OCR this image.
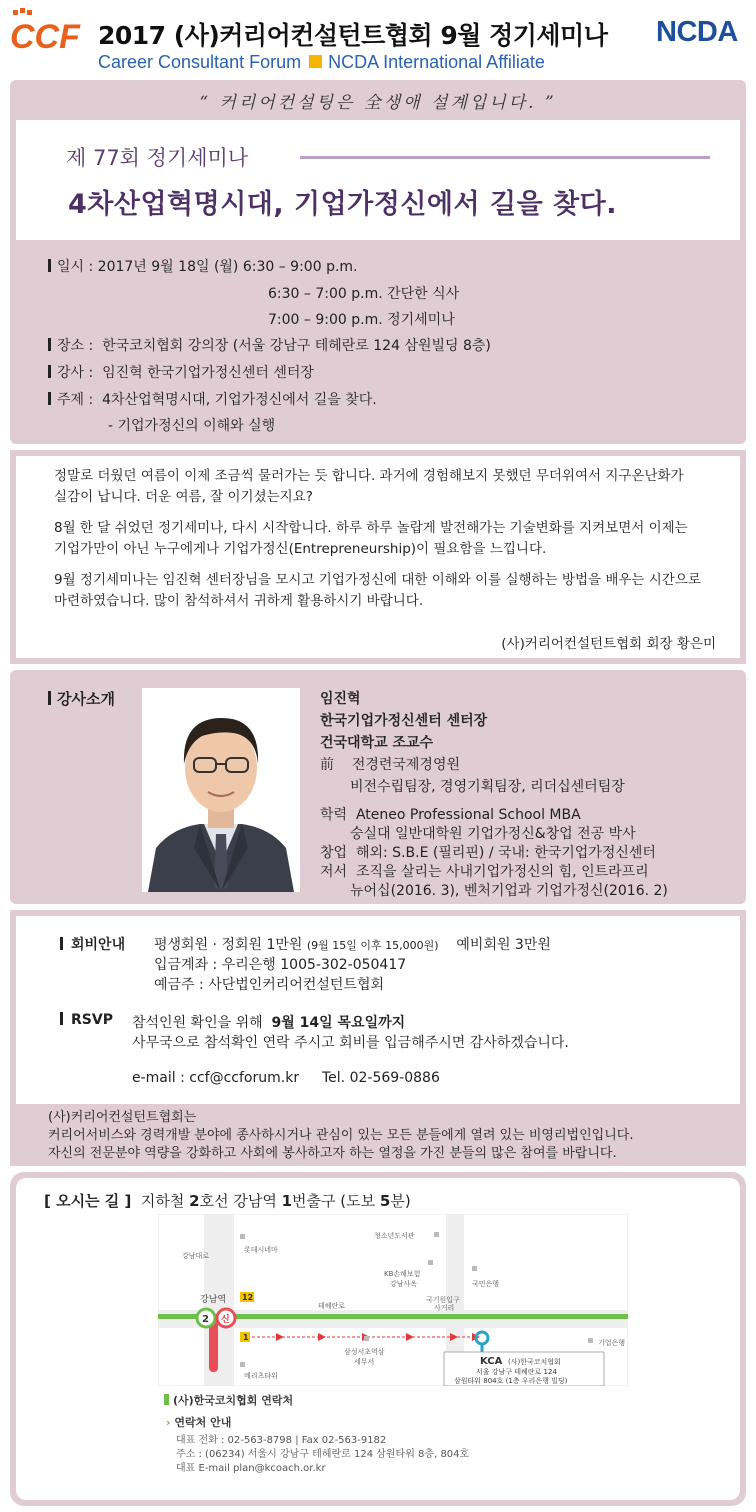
CCF 2017 (사)커리어컨설턴트협회 9월 정기세미나 NCDA
Career Consultant Forum NCDA International Affiliate
“ 커리어컨설팅은 全생애 설계입니다. ”
제 77회 정기세미나
4차산업혁명시대, 기업가정신에서 길을 찾다.
일시 : 2017년 9월 18일 (월) 6:30 – 9:00 p.m.
6:30 – 7:00 p.m. 간단한 식사
7:00 – 9:00 p.m. 정기세미나
장소 : 한국코치협회 강의장 (서울 강남구 테헤란로 124 삼원빌딩 8층)
강사 : 임진혁 한국기업가정신센터 센터장
주제 : 4차산업혁명시대, 기업가정신에서 길을 찾다.
- 기업가정신의 이해와 실행
정말로 더웠던 여름이 이제 조금씩 물러가는 듯 합니다. 과거에 경험해보지 못했던 무더위여서 지구온난화가 실감이 납니다. 더운 여름, 잘 이기셨는지요?
8월 한 달 쉬었던 정기세미나, 다시 시작합니다. 하루 하루 놀랍게 발전해가는 기술변화를 지켜보면서 이제는 기업가만이 아닌 누구에게나 기업가정신(Entrepreneurship)이 필요함을 느낍니다.
9월 정기세미나는 임진혁 센터장님을 모시고 기업가정신에 대한 이해와 이를 실행하는 방법을 배우는 시간으로 마련하였습니다. 많이 참석하셔서 귀하게 활용하시기 바랍니다.
(사)커리어컨설턴트협회 회장 황은미
강사소개	임진혁
한국기업가정신센터 센터장
건국대학교 조교수
前 전경련국제경영원
비전수립팀장, 경영기획팀장, 리더십센터팀장
학력 Ateneo Professional School MBA
숭실대 일반대학원 기업가정신&창업 전공 박사
창업 해외: S.B.E (필리핀) / 국내: 한국기업가정신센터
저서 조직을 살리는 사내기업가정신의 힘, 인트라프리
뉴어십(2016. 3), 벤처기업과 기업가정신(2016. 2)
회비안내 평생회원 · 정회원 1만원 (9월 15일 이후 15,000원) 예비회원 3만원
입금계좌 : 우리은행 1005-302-050417
예금주 : 사단법인커리어컨설턴트협회
RSVP 참석인원 확인을 위해 9월 14일 목요일까지
사무국으로 참석확인 연락 주시고 회비를 입금해주시면 감사하겠습니다.
e-mail : ccf@ccforum.kr Tel. 02-569-0886
(사)커리어컨설턴트협회는
커리어서비스와 경력개발 분야에 종사하시거나 관심이 있는 모든 분들에게 열려 있는 비영리법인입니다.
자신의 전문분야 역량을 강화하고 사회에 봉사하고자 하는 열정을 가진 분들의 많은 참여를 바랍니다.
[ 오시는 길 ] 지하철 2호선 강남역 1번출구 (도보 5분)
2 신
강남역 12
1
롯데시네마
강남대로
청소년도서관
KB손해보험
강남사옥	국민은행
테헤란로
국기원입구
사거리
기업은행
삼성서초역삼
세무서
메리츠타워
KCA (사)한국코치협회
서울 강남구 테헤란로 124
삼원타워 804호 (1층 우리은행 빌딩)
(사)한국코치협회 연락처
› 연락처 안내
대표 전화 : 02-563-8798 | Fax 02-563-9182
주소 : (06234) 서울시 강남구 테헤란로 124 삼원타워 8층, 804호
대표 E-mail plan@kcoach.or.kr
